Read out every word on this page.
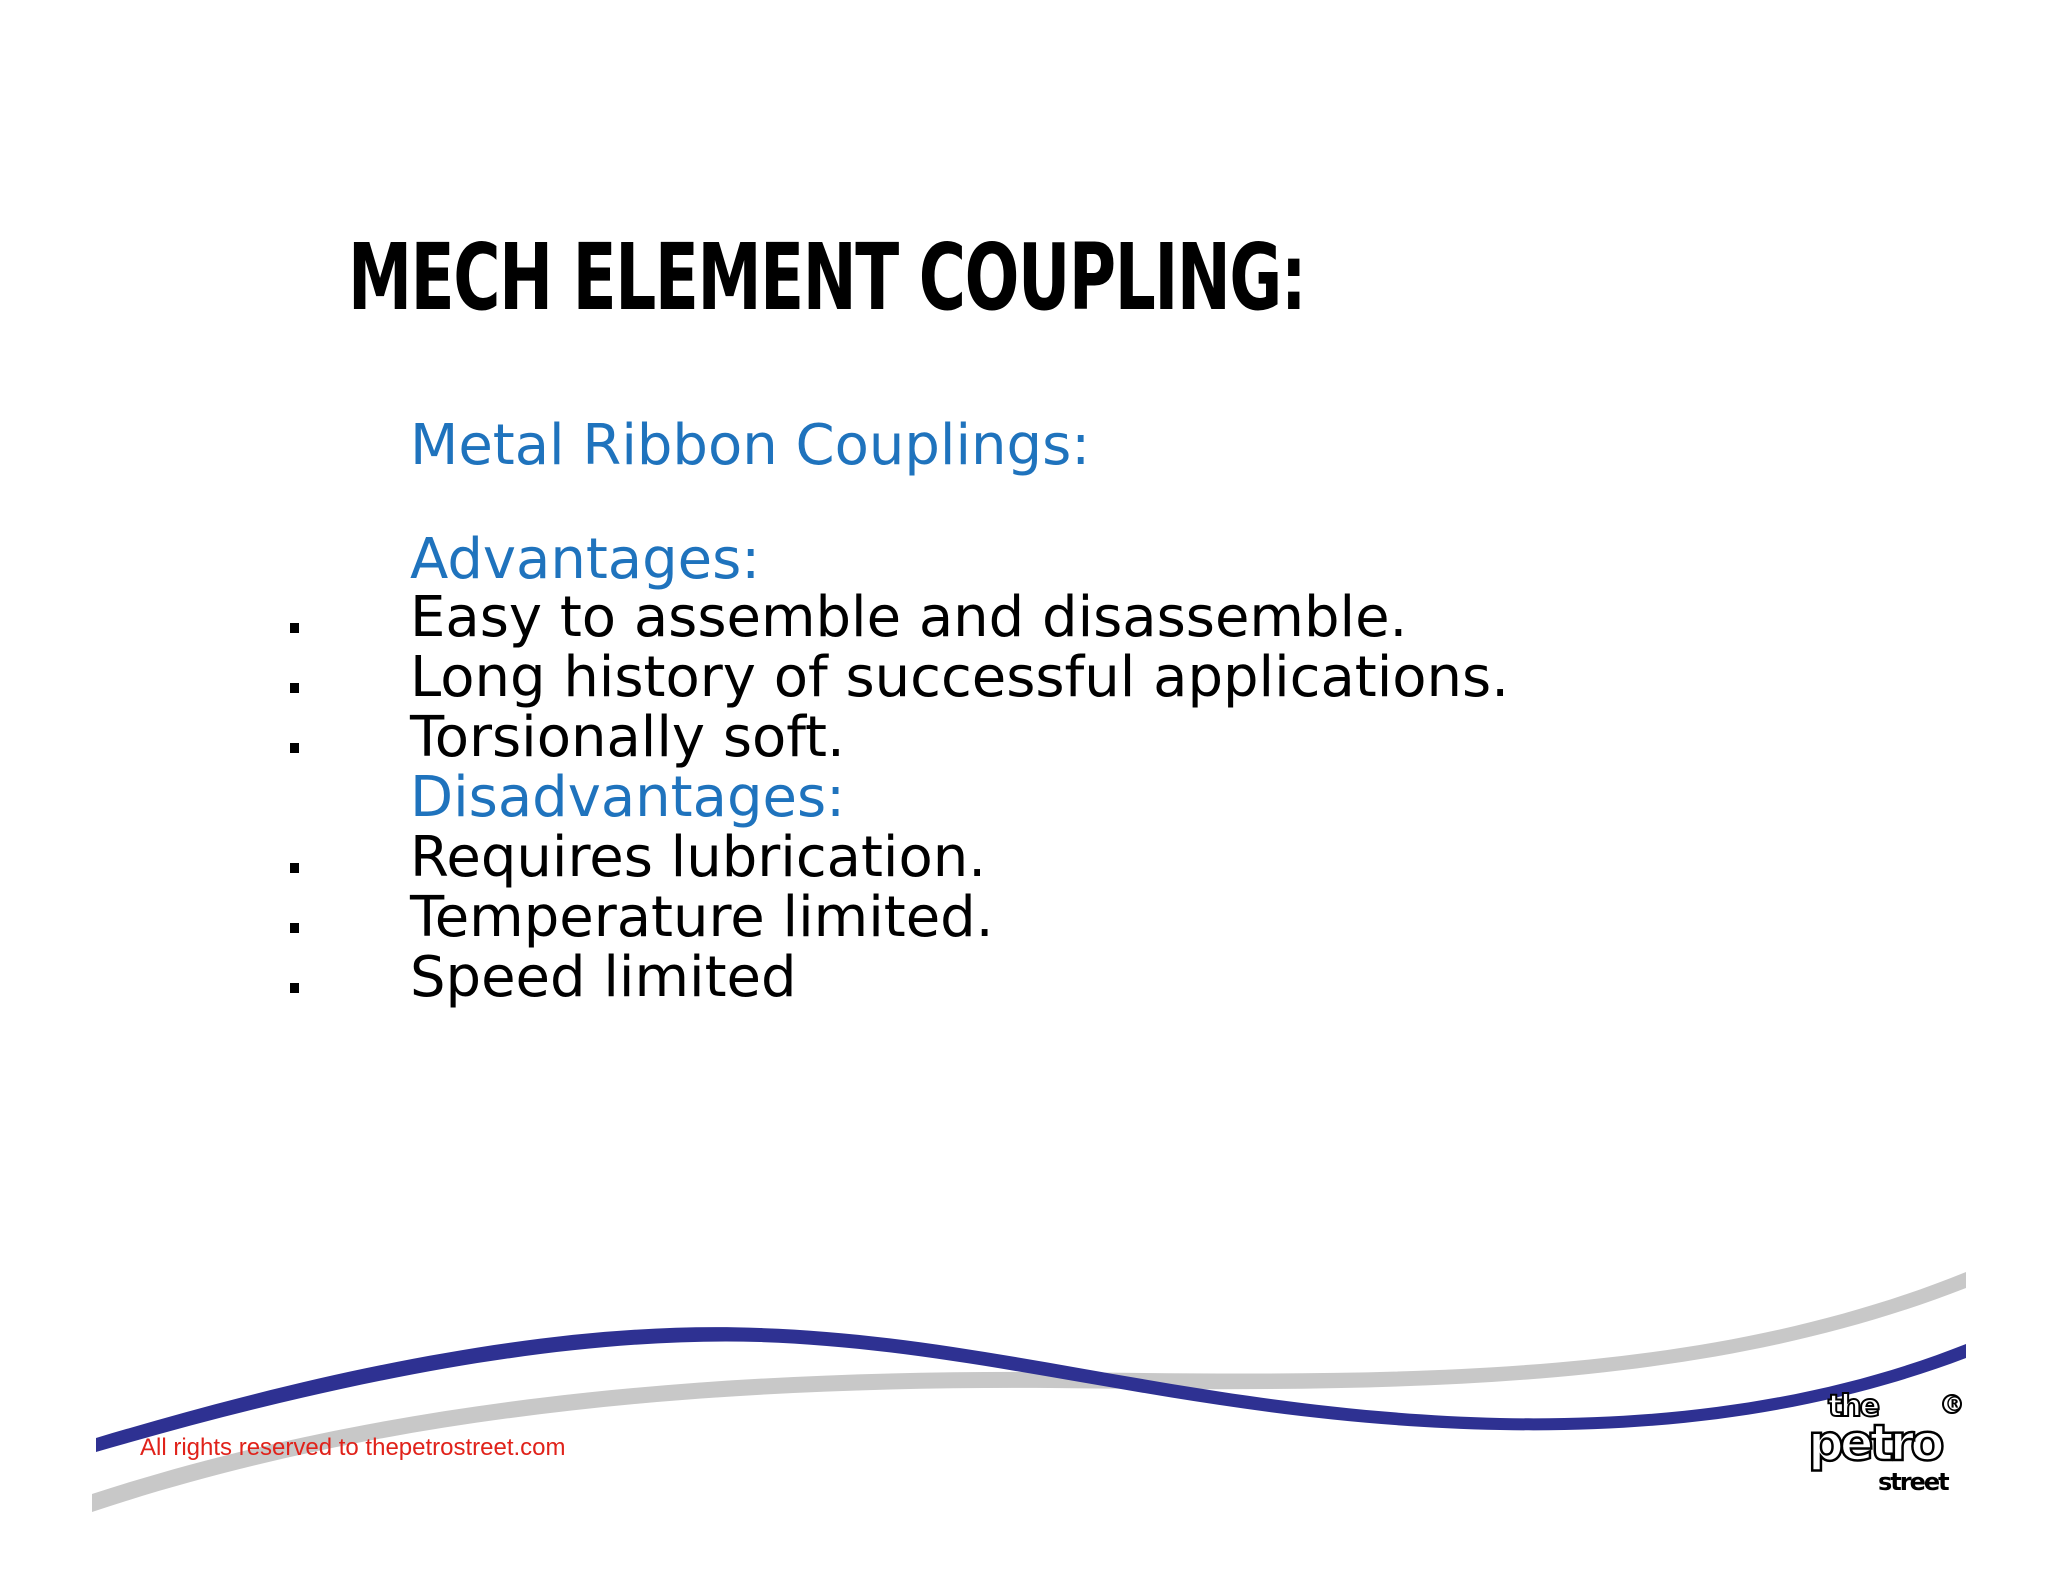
MECH ELEMENT COUPLING:
Metal Ribbon Couplings:
Advantages:
Easy to assemble and disassemble.
Long history of successful applications.
Torsionally soft.
Disadvantages:
Requires lubrication.
Temperature limited.
Speed limited
All rights reserved to thepetrostreet.com
the
petro
street
®
